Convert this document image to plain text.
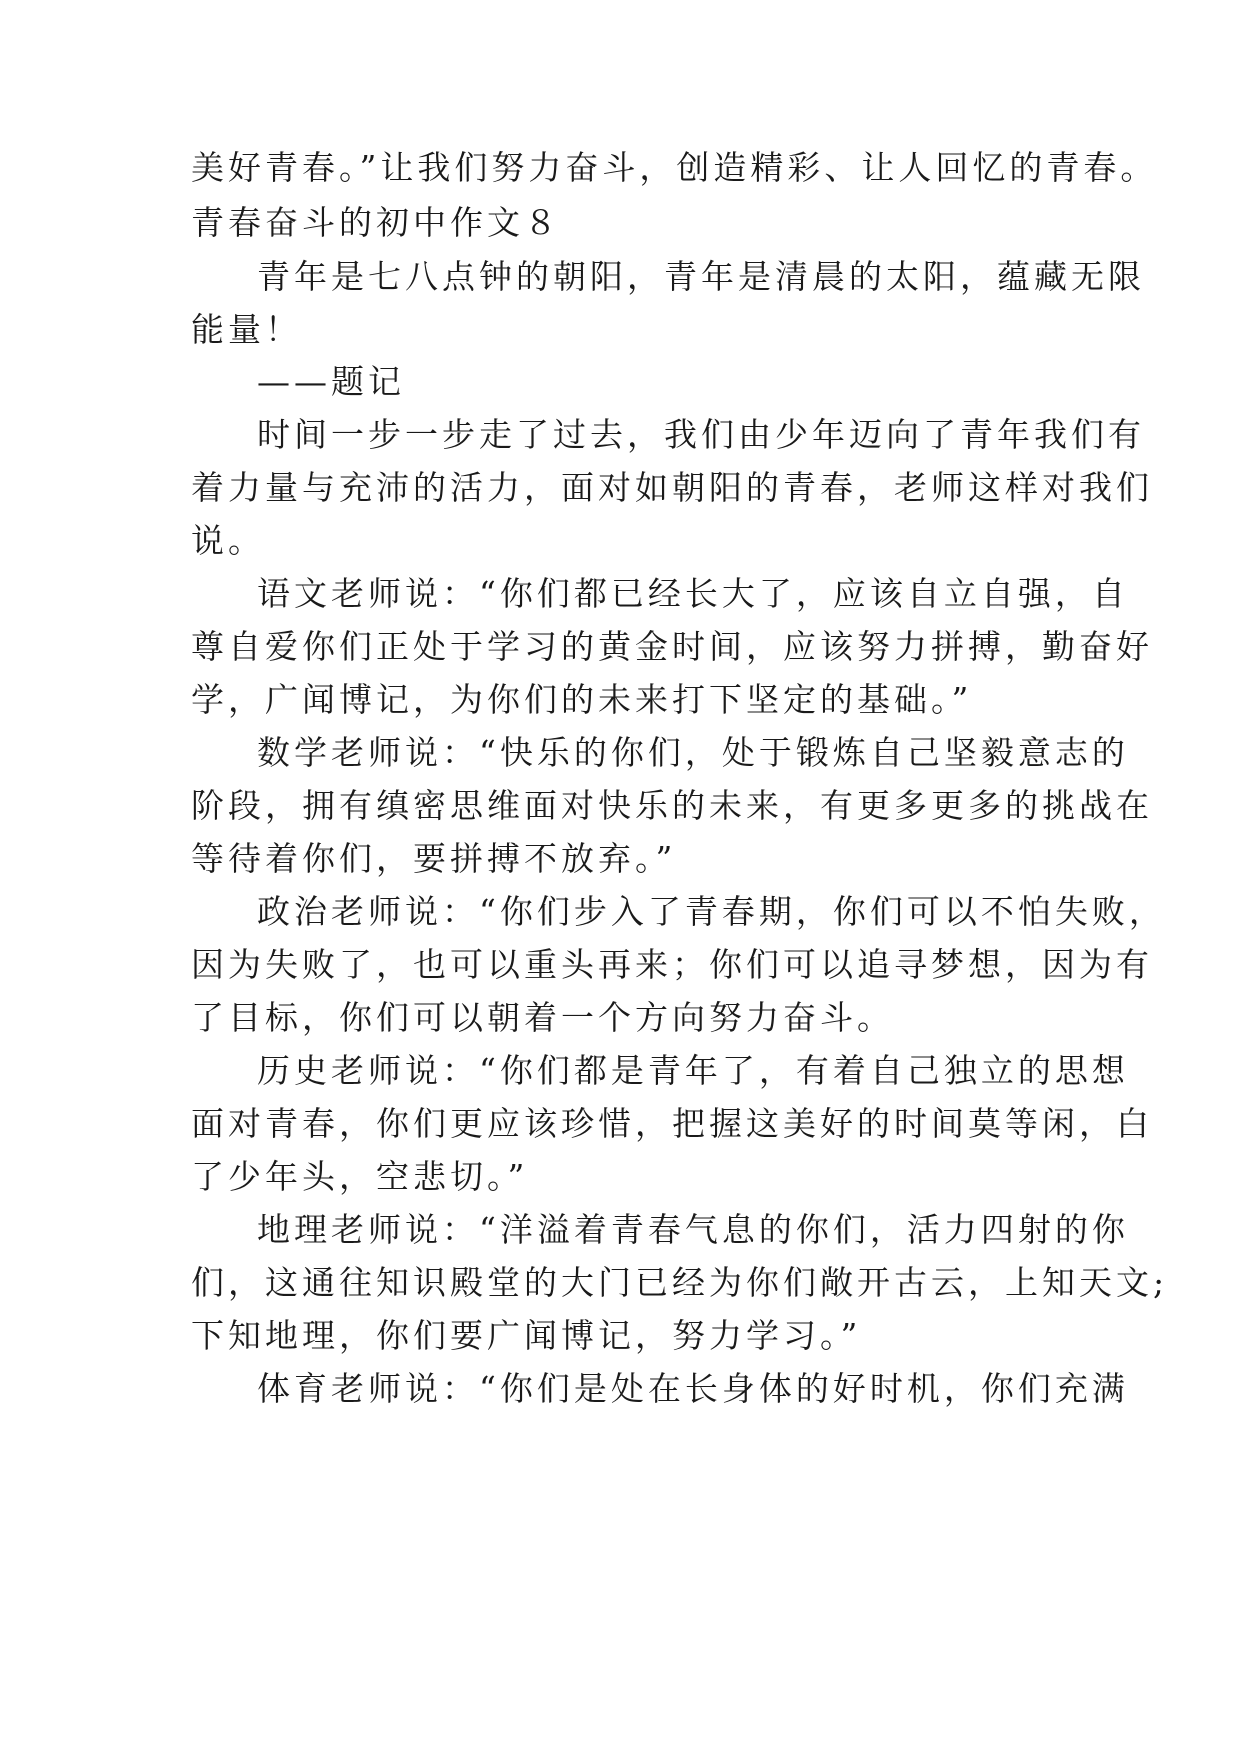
美好青春。”让我们努力奋斗，创造精彩、让人回忆的青春。
青春奋斗的初中作文８
青年是七八点钟的朝阳，青年是清晨的太阳，蕴藏无限
能量！
——题记
时间一步一步走了过去，我们由少年迈向了青年我们有
着力量与充沛的活力，面对如朝阳的青春，老师这样对我们
说。
语文老师说：“你们都已经长大了，应该自立自强，自
尊自爱你们正处于学习的黄金时间，应该努力拼搏，勤奋好
学，广闻博记，为你们的未来打下坚定的基础。”
数学老师说：“快乐的你们，处于锻炼自己坚毅意志的
阶段，拥有缜密思维面对快乐的未来，有更多更多的挑战在
等待着你们，要拼搏不放弃。”
政治老师说：“你们步入了青春期，你们可以不怕失败，
因为失败了，也可以重头再来；你们可以追寻梦想，因为有
了目标，你们可以朝着一个方向努力奋斗。
历史老师说：“你们都是青年了，有着自己独立的思想
面对青春，你们更应该珍惜，把握这美好的时间莫等闲，白
了少年头，空悲切。”
地理老师说：“洋溢着青春气息的你们，活力四射的你
们，这通往知识殿堂的大门已经为你们敞开古云，上知天文;
下知地理，你们要广闻博记，努力学习。”
体育老师说：“你们是处在长身体的好时机，你们充满
